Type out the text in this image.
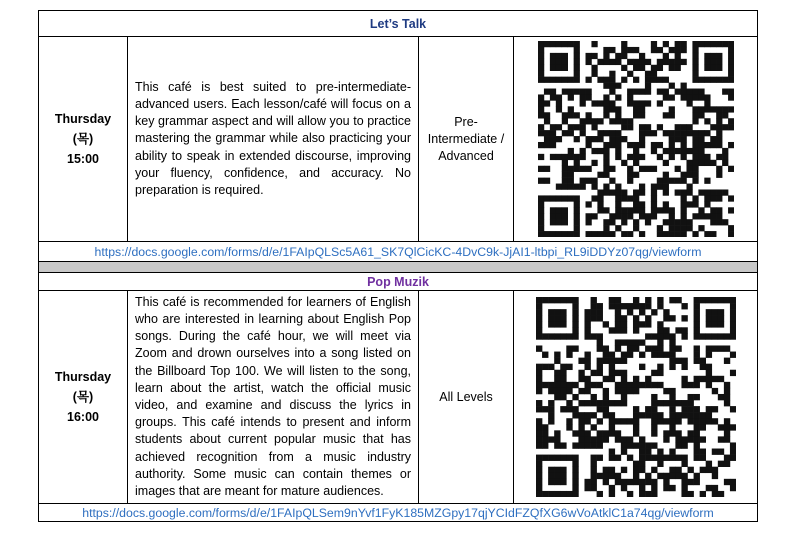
Let’s Talk
Thursday
(목)
15:00
This café is best suited to pre-intermediate-advanced users. Each lesson/café will focus on a key grammar aspect and will allow you to practice mastering the grammar while also practicing your ability to speak in extended discourse, improving your fluency, confidence, and accuracy. No preparation is required.
Pre-Intermediate / Advanced
https://docs.google.com/forms/d/e/1FAIpQLSc5A61_SK7QlCicKC-4DvC9k-JjAI1-ltbpi_RL9iDDYz07qg/viewform
Pop Muzik
Thursday
(목)
16:00
This café is recommended for learners of English who are interested in learning about English Pop songs. During the café hour, we will meet via Zoom and drown ourselves into a song listed on the Billboard Top 100. We will listen to the song, learn about the artist, watch the official music video, and examine and discuss the lyrics in groups. This café intends to present and inform students about current popular music that has achieved recognition from a music industry authority. Some music can contain themes or images that are meant for mature audiences.
All Levels
https://docs.google.com/forms/d/e/1FAIpQLSem9nYvf1FyK185MZGpy17qjYCIdFZQfXG6wVoAtklC1a74qg/viewform
